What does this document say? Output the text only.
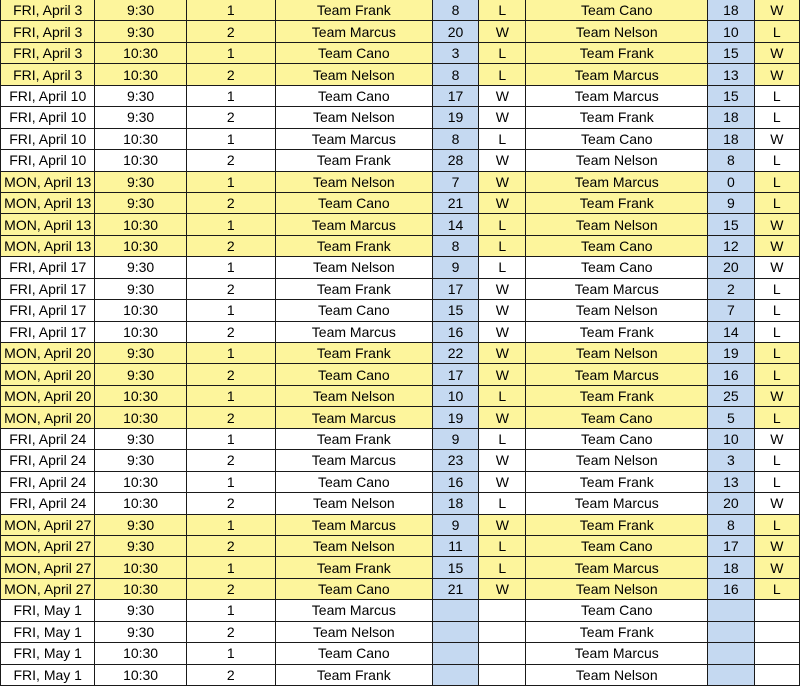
FRI, April 3	9:30	1	Team Frank	8	L	Team Cano	18	W
FRI, April 3	9:30	2	Team Marcus	20	W	Team Nelson	10	L
FRI, April 3	10:30	1	Team Cano	3	L	Team Frank	15	W
FRI, April 3	10:30	2	Team Nelson	8	L	Team Marcus	13	W
FRI, April 10	9:30	1	Team Cano	17	W	Team Marcus	15	L
FRI, April 10	9:30	2	Team Nelson	19	W	Team Frank	18	L
FRI, April 10	10:30	1	Team Marcus	8	L	Team Cano	18	W
FRI, April 10	10:30	2	Team Frank	28	W	Team Nelson	8	L
MON, April 13	9:30	1	Team Nelson	7	W	Team Marcus	0	L
MON, April 13	9:30	2	Team Cano	21	W	Team Frank	9	L
MON, April 13	10:30	1	Team Marcus	14	L	Team Nelson	15	W
MON, April 13	10:30	2	Team Frank	8	L	Team Cano	12	W
FRI, April 17	9:30	1	Team Nelson	9	L	Team Cano	20	W
FRI, April 17	9:30	2	Team Frank	17	W	Team Marcus	2	L
FRI, April 17	10:30	1	Team Cano	15	W	Team Nelson	7	L
FRI, April 17	10:30	2	Team Marcus	16	W	Team Frank	14	L
MON, April 20	9:30	1	Team Frank	22	W	Team Nelson	19	L
MON, April 20	9:30	2	Team Cano	17	W	Team Marcus	16	L
MON, April 20	10:30	1	Team Nelson	10	L	Team Frank	25	W
MON, April 20	10:30	2	Team Marcus	19	W	Team Cano	5	L
FRI, April 24	9:30	1	Team Frank	9	L	Team Cano	10	W
FRI, April 24	9:30	2	Team Marcus	23	W	Team Nelson	3	L
FRI, April 24	10:30	1	Team Cano	16	W	Team Frank	13	L
FRI, April 24	10:30	2	Team Nelson	18	L	Team Marcus	20	W
MON, April 27	9:30	1	Team Marcus	9	W	Team Frank	8	L
MON, April 27	9:30	2	Team Nelson	11	L	Team Cano	17	W
MON, April 27	10:30	1	Team Frank	15	L	Team Marcus	18	W
MON, April 27	10:30	2	Team Cano	21	W	Team Nelson	16	L
FRI, May 1	9:30	1	Team Marcus			Team Cano		
FRI, May 1	9:30	2	Team Nelson			Team Frank		
FRI, May 1	10:30	1	Team Cano			Team Marcus		
FRI, May 1	10:30	2	Team Frank			Team Nelson		
